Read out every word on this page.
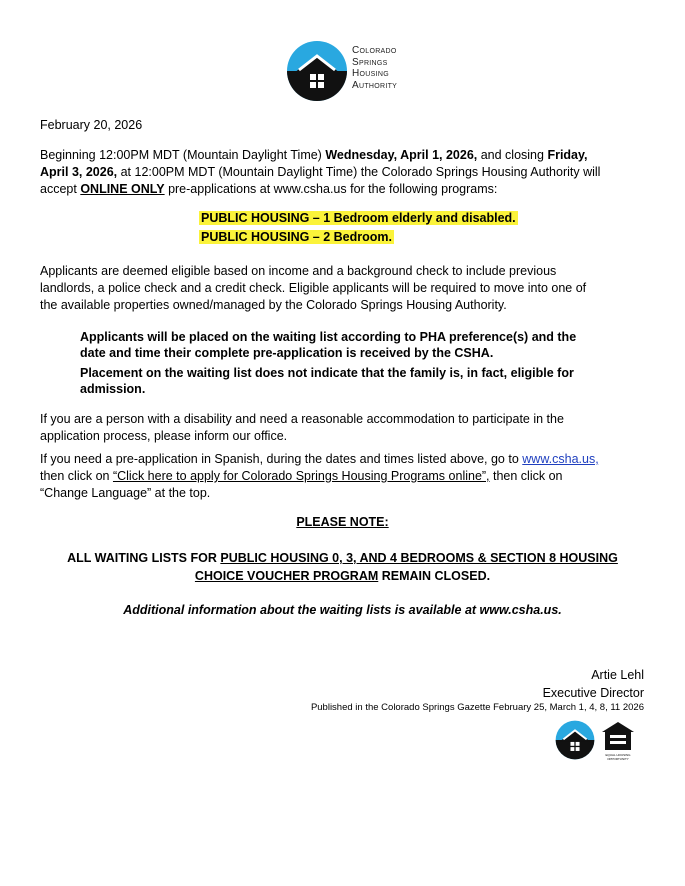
Colorado
Springs
Housing
Authority
February 20, 2026
Beginning 12:00PM MDT (Mountain Daylight Time) Wednesday, April 1, 2026, and closing Friday,
April 3, 2026, at 12:00PM MDT (Mountain Daylight Time) the Colorado Springs Housing Authority will
accept ONLINE ONLY pre-applications at www.csha.us for the following programs:
PUBLIC HOUSING – 1 Bedroom elderly and disabled.
PUBLIC HOUSING – 2 Bedroom.
Applicants are deemed eligible based on income and a background check to include previous
landlords, a police check and a credit check. Eligible applicants will be required to move into one of
the available properties owned/managed by the Colorado Springs Housing Authority.
Applicants will be placed on the waiting list according to PHA preference(s) and the
date and time their complete pre-application is received by the CSHA.
Placement on the waiting list does not indicate that the family is, in fact, eligible for
admission.
If you are a person with a disability and need a reasonable accommodation to participate in the
application process, please inform our office.
If you need a pre-application in Spanish, during the dates and times listed above, go to www.csha.us,
then click on “Click here to apply for Colorado Springs Housing Programs online”, then click on
“Change Language” at the top.
PLEASE NOTE:
ALL WAITING LISTS FOR PUBLIC HOUSING 0, 3, AND 4 BEDROOMS & SECTION 8 HOUSING
CHOICE VOUCHER PROGRAM REMAIN CLOSED.
Additional information about the waiting lists is available at www.csha.us.
Artie Lehl
Executive Director
Published in the Colorado Springs Gazette February 25, March 1, 4, 8, 11 2026
EQUAL HOUSING OPPORTUNITY
